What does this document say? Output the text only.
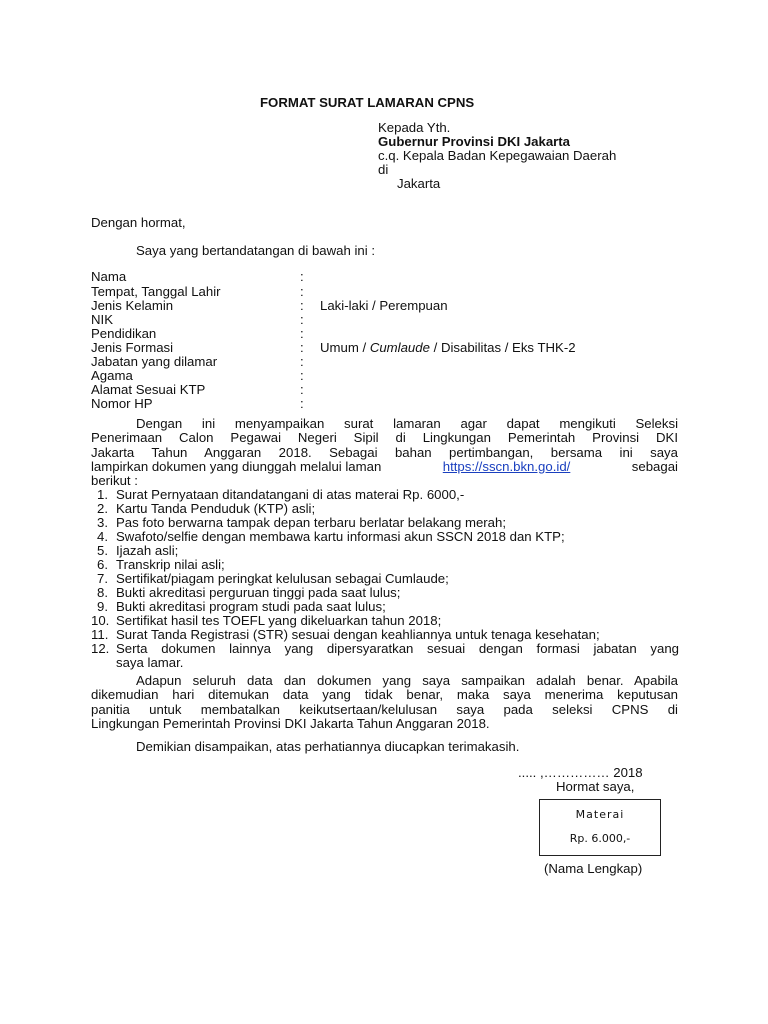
FORMAT SURAT LAMARAN CPNS
Kepada Yth.
Gubernur Provinsi DKI Jakarta
c.q. Kepala Badan Kepegawaian Daerah
di
Jakarta
Dengan hormat,
Saya yang bertandatangan di bawah ini :
Nama	:
Tempat, Tanggal Lahir	:
Jenis Kelamin	: Laki-laki / Perempuan
NIK	:
Pendidikan	:
Jenis Formasi	: Umum / Cumlaude / Disabilitas / Eks THK-2
Jabatan yang dilamar	:
Agama	:
Alamat Sesuai KTP	:
Nomor HP	:
Dengan ini menyampaikan surat lamaran agar dapat mengikuti Seleksi
Penerimaan Calon Pegawai Negeri Sipil di Lingkungan Pemerintah Provinsi DKI
Jakarta Tahun Anggaran 2018. Sebagai bahan pertimbangan, bersama ini saya
lampirkan dokumen yang diunggah melalui laman	https://sscn.bkn.go.id/	sebagai
berikut :
1. Surat Pernyataan ditandatangani di atas materai Rp. 6000,-
2. Kartu Tanda Penduduk (KTP) asli;
3. Pas foto berwarna tampak depan terbaru berlatar belakang merah;
4. Swafoto/selfie dengan membawa kartu informasi akun SSCN 2018 dan KTP;
5. Ijazah asli;
6. Transkrip nilai asli;
7. Sertifikat/piagam peringkat kelulusan sebagai Cumlaude;
8. Bukti akreditasi perguruan tinggi pada saat lulus;
9. Bukti akreditasi program studi pada saat lulus;
10. Sertifikat hasil tes TOEFL yang dikeluarkan tahun 2018;
11. Surat Tanda Registrasi (STR) sesuai dengan keahliannya untuk tenaga kesehatan;
12. Serta dokumen lainnya yang dipersyaratkan sesuai dengan formasi jabatan yang
saya lamar.
Adapun seluruh data dan dokumen yang saya sampaikan adalah benar. Apabila
dikemudian hari ditemukan data yang tidak benar, maka saya menerima keputusan
panitia untuk membatalkan keikutsertaan/kelulusan saya pada seleksi CPNS di
Lingkungan Pemerintah Provinsi DKI Jakarta Tahun Anggaran 2018.
Demikian disampaikan, atas perhatiannya diucapkan terimakasih.
..... ,…………… 2018
Hormat saya,
Materai
Rp. 6.000,-
(Nama Lengkap)
